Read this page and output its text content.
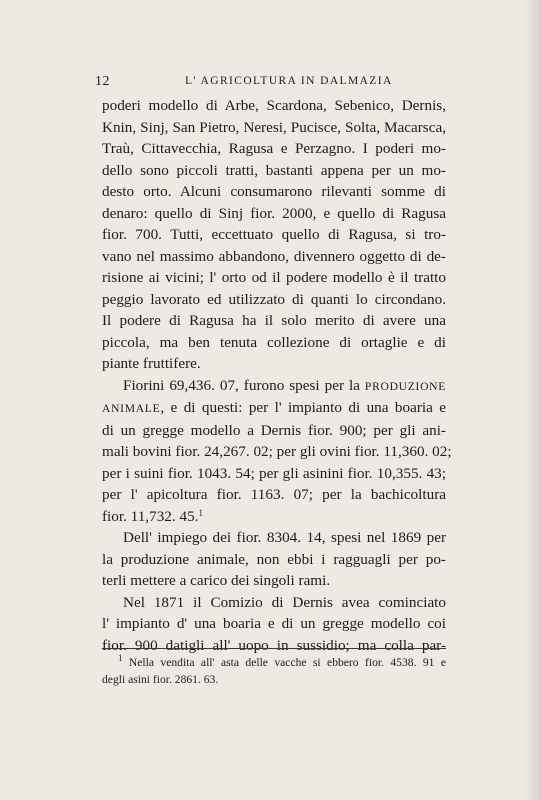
12	L' AGRICOLTURA IN DALMAZIA
poderi modello di Arbe, Scardona, Sebenico, Dernis,
Knin, Sinj, San Pietro, Neresi, Pucisce, Solta, Macarsca,
Traù, Cittavecchia, Ragusa e Perzagno. I poderi mo-
dello sono piccoli tratti, bastanti appena per un mo-
desto orto. Alcuni consumarono rilevanti somme di
denaro: quello di Sinj fior. 2000, e quello di Ragusa
fior. 700. Tutti, eccettuato quello di Ragusa, si tro-
vano nel massimo abbandono, divennero oggetto di de-
risione ai vicini; l' orto od il podere modello è il tratto
peggio lavorato ed utilizzato di quanti lo circondano.
Il podere di Ragusa ha il solo merito di avere una
piccola, ma ben tenuta collezione di ortaglie e di
piante fruttifere.
Fiorini 69,436. 07, furono spesi per la PRODUZIONE
ANIMALE, e di questi: per l' impianto di una boaria e
di un gregge modello a Dernis fior. 900; per gli ani-
mali bovini fior. 24,267. 02; per gli ovini fior. 11,360. 02;
per i suini fior. 1043. 54; per gli asinini fior. 10,355. 43;
per l' apicoltura fior. 1163. 07; per la bachicoltura
fior. 11,732. 45.$^1$
Dell' impiego dei fior. 8304. 14, spesi nel 1869 per
la produzione animale, non ebbi i ragguagli per po-
terli mettere a carico dei singoli rami.
Nel 1871 il Comizio di Dernis avea cominciato
l' impianto d' una boaria e di un gregge modello coi
fior. 900 datigli all' uopo in sussidio; ma colla par-
$^1$ Nella vendita all' asta delle vacche si ebbero fior. 4538. 91 e
degli asini fior. 2861. 63.
